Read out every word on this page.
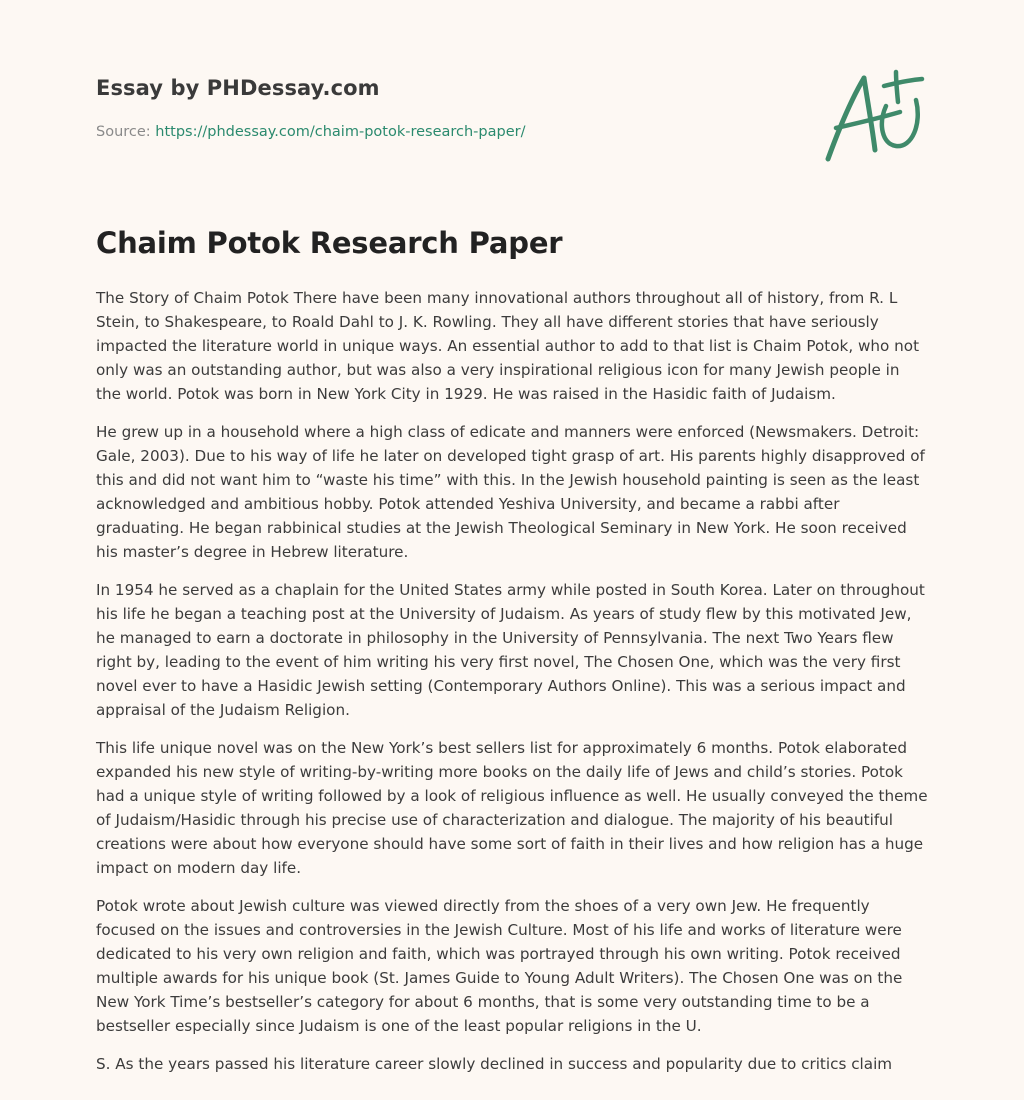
Essay by PHDessay.com
Source: https://phdessay.com/chaim-potok-research-paper/
Chaim Potok Research Paper

The Story of Chaim Potok There have been many innovational authors throughout all of history, from R. L Stein, to Shakespeare, to Roald Dahl to J. K. Rowling. They all have different stories that have seriously impacted the literature world in unique ways. An essential author to add to that list is Chaim Potok, who not only was an outstanding author, but was also a very inspirational religious icon for many Jewish people in the world. Potok was born in New York City in 1929. He was raised in the Hasidic faith of Judaism.

He grew up in a household where a high class of edicate and manners were enforced (Newsmakers. Detroit: Gale, 2003). Due to his way of life he later on developed tight grasp of art. His parents highly disapproved of this and did not want him to “waste his time” with this. In the Jewish household painting is seen as the least acknowledged and ambitious hobby. Potok attended Yeshiva University, and became a rabbi after graduating. He began rabbinical studies at the Jewish Theological Seminary in New York. He soon received his master’s degree in Hebrew literature.

In 1954 he served as a chaplain for the United States army while posted in South Korea. Later on throughout his life he began a teaching post at the University of Judaism. As years of study flew by this motivated Jew, he managed to earn a doctorate in philosophy in the University of Pennsylvania. The next Two Years flew right by, leading to the event of him writing his very first novel, The Chosen One, which was the very first novel ever to have a Hasidic Jewish setting (Contemporary Authors Online). This was a serious impact and appraisal of the Judaism Religion.

This life unique novel was on the New York’s best sellers list for approximately 6 months. Potok elaborated expanded his new style of writing-by-writing more books on the daily life of Jews and child’s stories. Potok had a unique style of writing followed by a look of religious influence as well. He usually conveyed the theme of Judaism/Hasidic through his precise use of characterization and dialogue. The majority of his beautiful creations were about how everyone should have some sort of faith in their lives and how religion has a huge impact on modern day life.

Potok wrote about Jewish culture was viewed directly from the shoes of a very own Jew. He frequently focused on the issues and controversies in the Jewish Culture. Most of his life and works of literature were dedicated to his very own religion and faith, which was portrayed through his own writing. Potok received multiple awards for his unique book (St. James Guide to Young Adult Writers). The Chosen One was on the New York Time’s bestseller’s category for about 6 months, that is some very outstanding time to be a bestseller especially since Judaism is one of the least popular religions in the U.

S. As the years passed his literature career slowly declined in success and popularity due to critics claim
